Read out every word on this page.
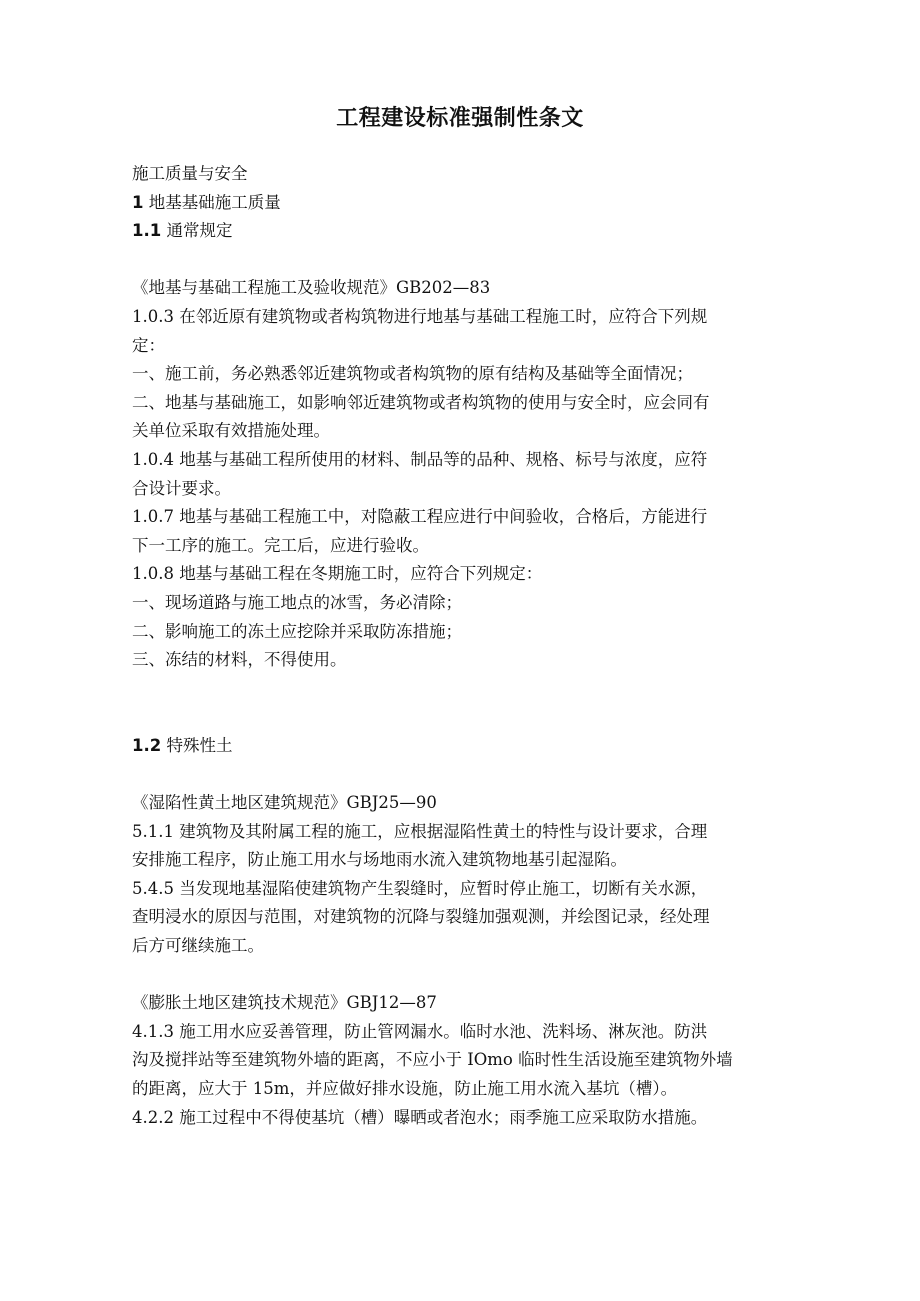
工程建设标准强制性条文
施工质量与安全
1 地基基础施工质量
1.1 通常规定
《地基与基础工程施工及验收规范》GB202—83
1.0.3 在邻近原有建筑物或者构筑物进行地基与基础工程施工时，应符合下列规
定：
一、施工前，务必熟悉邻近建筑物或者构筑物的原有结构及基础等全面情况；
二、地基与基础施工，如影响邻近建筑物或者构筑物的使用与安全时，应会同有
关单位采取有效措施处理。
1.0.4 地基与基础工程所使用的材料、制品等的品种、规格、标号与浓度，应符
合设计要求。
1.0.7 地基与基础工程施工中，对隐蔽工程应进行中间验收，合格后，方能进行
下一工序的施工。完工后，应进行验收。
1.0.8 地基与基础工程在冬期施工时，应符合下列规定：
一、现场道路与施工地点的冰雪，务必清除；
二、影响施工的冻土应挖除并采取防冻措施；
三、冻结的材料，不得使用。
1.2 特殊性土
《湿陷性黄土地区建筑规范》GBJ25—90
5.1.1 建筑物及其附属工程的施工，应根据湿陷性黄土的特性与设计要求，合理
安排施工程序，防止施工用水与场地雨水流入建筑物地基引起湿陷。
5.4.5 当发现地基湿陷使建筑物产生裂缝时，应暂时停止施工，切断有关水源，
查明浸水的原因与范围，对建筑物的沉降与裂缝加强观测，并绘图记录，经处理
后方可继续施工。
《膨胀土地区建筑技术规范》GBJ12—87
4.1.3 施工用水应妥善管理，防止管网漏水。临时水池、洗料场、淋灰池。防洪
沟及搅拌站等至建筑物外墙的距离，不应小于 IOmo 临时性生活设施至建筑物外墙
的距离，应大于 15m，并应做好排水设施，防止施工用水流入基坑（槽）。
4.2.2 施工过程中不得使基坑（槽）曝晒或者泡水；雨季施工应采取防水措施。
